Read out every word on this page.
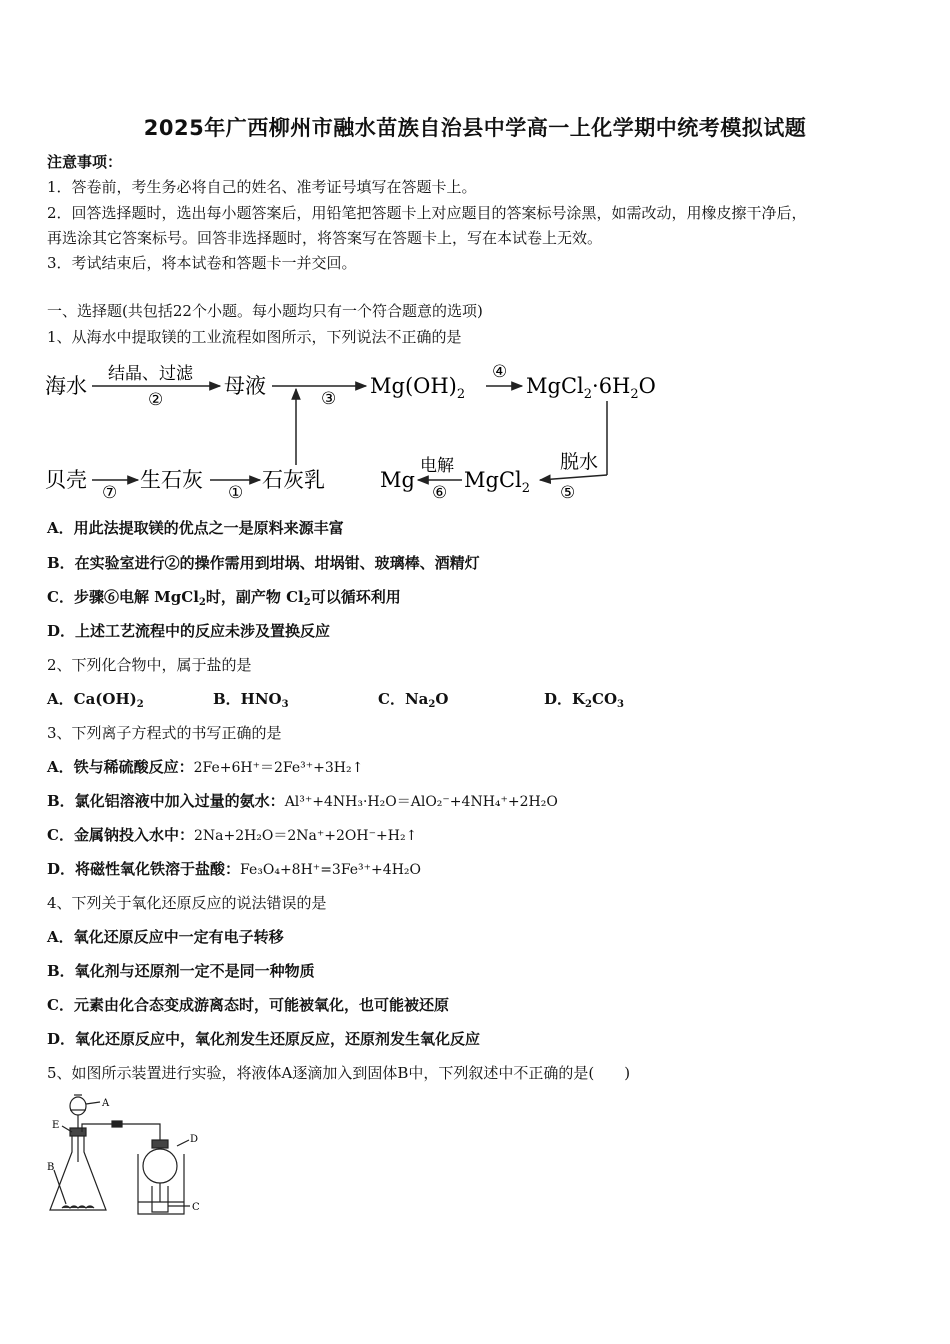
2025年广西柳州市融水苗族自治县中学高一上化学期中统考模拟试题
注意事项：
1．答卷前，考生务必将自己的姓名、准考证号填写在答题卡上。
2．回答选择题时，选出每小题答案后，用铅笔把答题卡上对应题目的答案标号涂黑，如需改动，用橡皮擦干净后，
再选涂其它答案标号。回答非选择题时，将答案写在答题卡上，写在本试卷上无效。
3．考试结束后，将本试卷和答题卡一并交回。
一、选择题(共包括22个小题。每小题均只有一个符合题意的选项)
1、从海水中提取镁的工业流程如图所示，下列说法不正确的是
海水 结晶、过滤
②
母液
③
$Mg(OH)_2$
④
$MgCl_2\cdot 6H_2O$
贝壳
⑦
生石灰
①
石灰乳	Mg
电解
⑥
MgCl$_2$
脱水
⑤
A．用此法提取镁的优点之一是原料来源丰富
B．在实验室进行②的操作需用到坩埚、坩埚钳、玻璃棒、酒精灯
C．步骤⑥电解 MgCl$_2$时，副产物 $Cl_2$可以循环利用
D．上述工艺流程中的反应未涉及置换反应
2、下列化合物中，属于盐的是
A．$Ca(OH)_2$	B．$HNO_3$	C．$Na_2O$	D．$K_2CO_3$
3、下列离子方程式的书写正确的是
A．铁与稀硫酸反应：2Fe+6H⁺＝2Fe³⁺+3H₂↑
B．氯化铝溶液中加入过量的氨水：Al³⁺+4NH₃·H₂O＝AlO₂⁻+4NH₄⁺+2H₂O
C．金属钠投入水中：2Na+2H₂O＝2Na⁺+2OH⁻+H₂↑
D．将磁性氧化铁溶于盐酸：Fe₃O₄+8H⁺=3Fe³⁺+4H₂O
4、下列关于氧化还原反应的说法错误的是
A．氧化还原反应中一定有电子转移
B．氧化剂与还原剂一定不是同一种物质
C．元素由化合态变成游离态时，可能被氧化，也可能被还原
D．氧化还原反应中，氧化剂发生还原反应，还原剂发生氧化反应
5、如图所示装置进行实验，将液体A逐滴加入到固体B中，下列叙述中不正确的是(　　)
A
E
B
D
C
